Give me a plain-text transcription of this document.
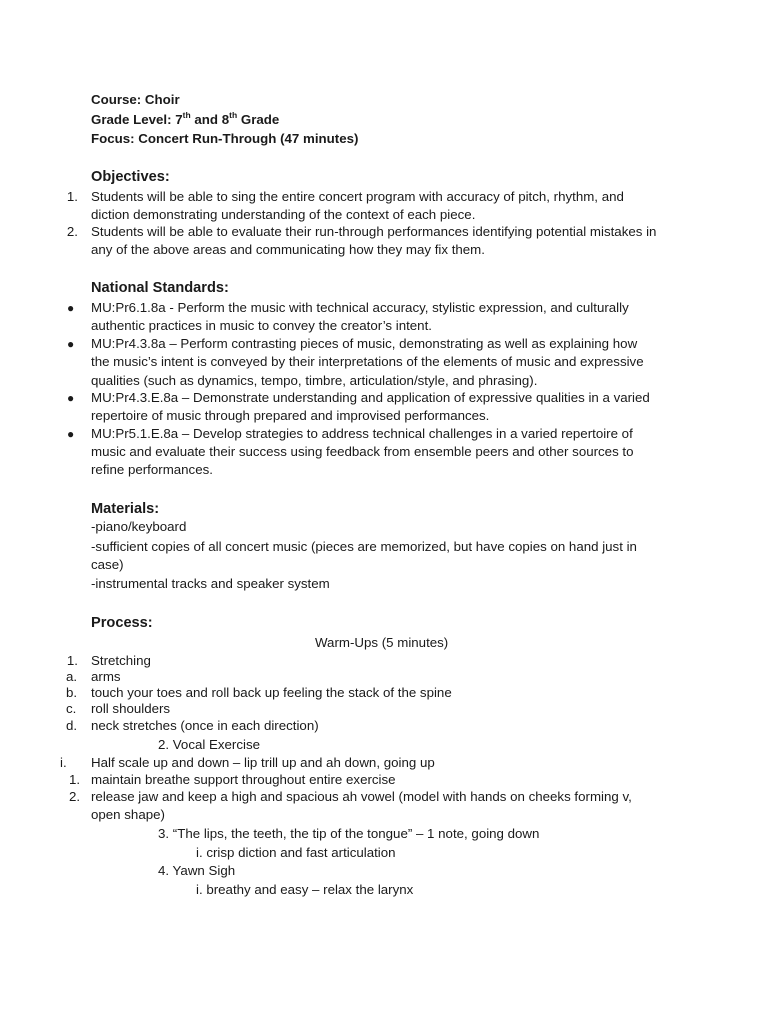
Course: Choir
Grade Level: 7th and 8th Grade
Focus: Concert Run-Through (47 minutes)
Objectives:
1. Students will be able to sing the entire concert program with accuracy of pitch, rhythm, and
diction demonstrating understanding of the context of each piece.
2. Students will be able to evaluate their run-through performances identifying potential mistakes in
any of the above areas and communicating how they may fix them.
National Standards:
● MU:Pr6.1.8a - Perform the music with technical accuracy, stylistic expression, and culturally
authentic practices in music to convey the creator’s intent.
● MU:Pr4.3.8a – Perform contrasting pieces of music, demonstrating as well as explaining how
the music’s intent is conveyed by their interpretations of the elements of music and expressive
qualities (such as dynamics, tempo, timbre, articulation/style, and phrasing).
● MU:Pr4.3.E.8a – Demonstrate understanding and application of expressive qualities in a varied
repertoire of music through prepared and improvised performances.
● MU:Pr5.1.E.8a – Develop strategies to address technical challenges in a varied repertoire of
music and evaluate their success using feedback from ensemble peers and other sources to
refine performances.
Materials:
-piano/keyboard
-sufficient copies of all concert music (pieces are memorized, but have copies on hand just in
case)
-instrumental tracks and speaker system
Process:
Warm-Ups (5 minutes)
1. Stretching
a. arms
b. touch your toes and roll back up feeling the stack of the spine
c. roll shoulders
d. neck stretches (once in each direction)
2. Vocal Exercise
i. Half scale up and down – lip trill up and ah down, going up
1. maintain breathe support throughout entire exercise
2. release jaw and keep a high and spacious ah vowel (model with hands on cheeks forming v,
open shape)
3. “The lips, the teeth, the tip of the tongue” – 1 note, going down
i. crisp diction and fast articulation
4. Yawn Sigh
i. breathy and easy – relax the larynx
